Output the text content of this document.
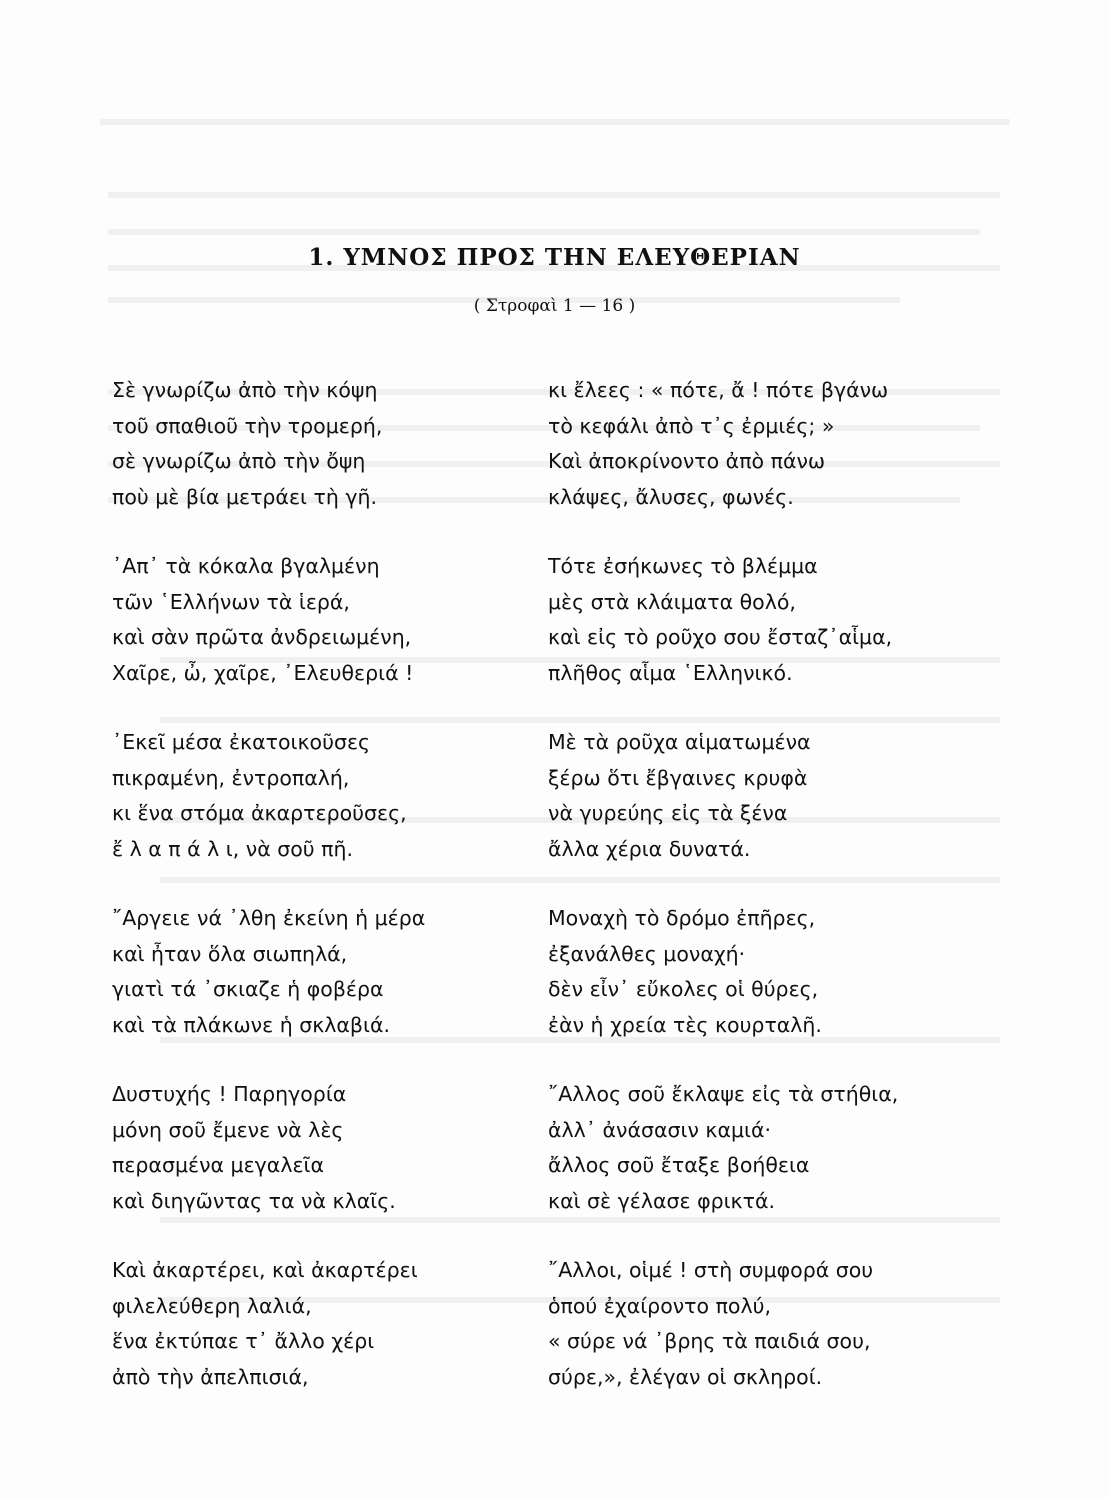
1. ΥΜΝΟΣ ΠΡΟΣ ΤΗΝ ΕΛΕΥΘΕΡΙΑΝ
( Στροφαὶ 1 — 16 )
Σὲ γνωρίζω ἀπὸ τὴν κόψη
τοῦ σπαθιοῦ τὴν τρομερή,
σὲ γνωρίζω ἀπὸ τὴν ὄψη
ποὺ μὲ βία μετράει τὴ γῆ.
᾿Απ᾿ τὰ κόκαλα βγαλμένη
τῶν ῾Ελλήνων τὰ ἱερά,
καὶ σὰν πρῶτα ἀνδρειωμένη,
Χαῖρε, ὦ, χαῖρε, ᾿Ελευθεριά !
᾿Εκεῖ μέσα ἐκατοικοῦσες
πικραμένη, ἐντροπαλή,
κι ἕνα στόμα ἀκαρτεροῦσες,
ἔ λ α π ά λ ι, νὰ σοῦ πῆ.
῎Αργειε νά ᾿λθη ἐκείνη ἡ μέρα
καὶ ἦταν ὅλα σιωπηλά,
γιατὶ τά ᾿σκιαζε ἡ φοβέρα
καὶ τὰ πλάκωνε ἡ σκλαβιά.
Δυστυχής ! Παρηγορία
μόνη σοῦ ἔμενε νὰ λὲς
περασμένα μεγαλεῖα
καὶ διηγῶντας τα νὰ κλαῖς.
Καὶ ἀκαρτέρει, καὶ ἀκαρτέρει
φιλελεύθερη λαλιά,
ἕνα ἐκτύπαε τ᾿ ἄλλο χέρι
ἀπὸ τὴν ἀπελπισιά,
κι ἔλεες : « πότε, ἄ ! πότε βγάνω
τὸ κεφάλι ἀπὸ τ᾿ς ἐρμιές; »
Καὶ ἀποκρίνοντο ἀπὸ πάνω
κλάψες, ἄλυσες, φωνές.
Τότε ἐσήκωνες τὸ βλέμμα
μὲς στὰ κλάιματα θολό,
καὶ εἰς τὸ ροῦχο σου ἔσταζ᾿αἷμα,
πλῆθος αἷμα ῾Ελληνικό.
Μὲ τὰ ροῦχα αἱματωμένα
ξέρω ὅτι ἔβγαινες κρυφὰ
νὰ γυρεύης εἰς τὰ ξένα
ἄλλα χέρια δυνατά.
Μοναχὴ τὸ δρόμο ἐπῆρες,
ἐξανάλθες μοναχή·
δὲν εἶν᾿ εὔκολες οἱ θύρες,
ἐὰν ἡ χρεία τὲς κουρταλῆ.
῎Αλλος σοῦ ἔκλαψε εἰς τὰ στήθια,
ἀλλ᾿ ἀνάσασιν καμιά·
ἄλλος σοῦ ἔταξε βοήθεια
καὶ σὲ γέλασε φρικτά.
῎Αλλοι, οἱμέ ! στὴ συμφορά σου
ὁπού ἐχαίροντο πολύ,
« σύρε νά ᾿βρης τὰ παιδιά σου,
σύρε,», ἐλέγαν οἱ σκληροί.
